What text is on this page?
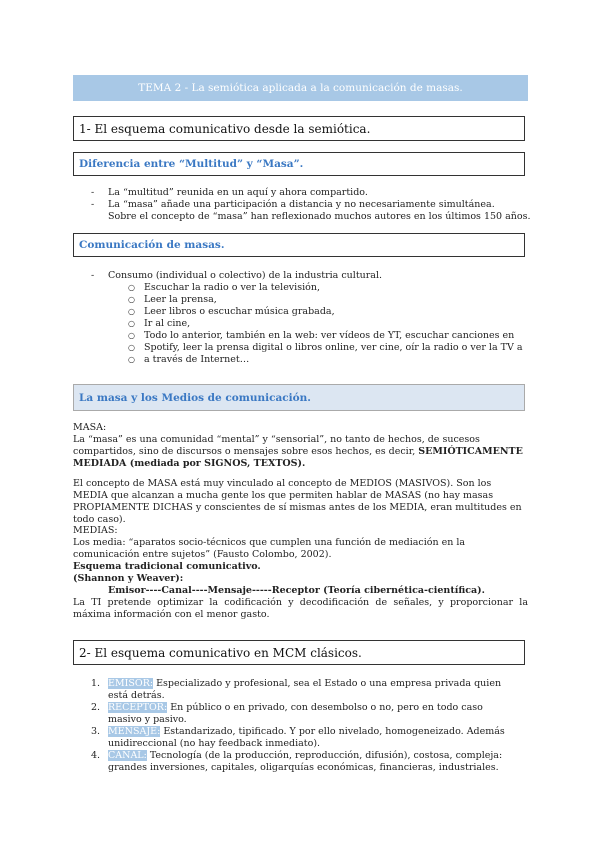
TEMA 2 - La semiótica aplicada a la comunicación de masas.
1- El esquema comunicativo desde la semiótica.
Diferencia entre “Multitud” y “Masa”.
- La “multitud” reunida en un aquí y ahora compartido.
- La “masa” añade una participación a distancia y no necesariamente simultánea.
Sobre el concepto de “masa” han reflexionado muchos autores en los últimos 150 años.
Comunicación de masas.
- Consumo (individual o colectivo) de la industria cultural.
○ Escuchar la radio o ver la televisión,
○ Leer la prensa,
○ Leer libros o escuchar música grabada,
○ Ir al cine,
○ Todo lo anterior, también en la web: ver vídeos de YT, escuchar canciones en
○ Spotify, leer la prensa digital o libros online, ver cine, oír la radio o ver la TV a
○ a través de Internet…
La masa y los Medios de comunicación.
MASA:
La “masa” es una comunidad “mental” y “sensorial”, no tanto de hechos, de sucesos compartidos, sino de discursos o mensajes sobre esos hechos, es decir, SEMIÓTICAMENTE MEDIADA (mediada por SIGNOS, TEXTOS).
El concepto de MASA está muy vinculado al concepto de MEDIOS (MASIVOS). Son los MEDIA que alcanzan a mucha gente los que permiten hablar de MASAS (no hay masas PROPIAMENTE DICHAS y conscientes de sí mismas antes de los MEDIA, eran multitudes en todo caso).
MEDIAS:
Los media: “aparatos socio-técnicos que cumplen una función de mediación en la comunicación entre sujetos” (Fausto Colombo, 2002).
Esquema tradicional comunicativo.
(Shannon y Weaver):
Emisor----Canal----Mensaje-----Receptor (Teoría cibernética-científica).
La TI pretende optimizar la codificación y decodificación de señales, y proporcionar la máxima información con el menor gasto.
2- El esquema comunicativo en MCM clásicos.
1. EMISOR: Especializado y profesional, sea el Estado o una empresa privada quien
está detrás.
2. RECEPTOR: En público o en privado, con desembolso o no, pero en todo caso
masivo y pasivo.
3. MENSAJE: Estandarizado, tipificado. Y por ello nivelado, homogeneizado. Además
unidireccional (no hay feedback inmediato).
4. CANAL: Tecnología (de la producción, reproducción, difusión), costosa, compleja:
grandes inversiones, capitales, oligarquías económicas, financieras, industriales.
